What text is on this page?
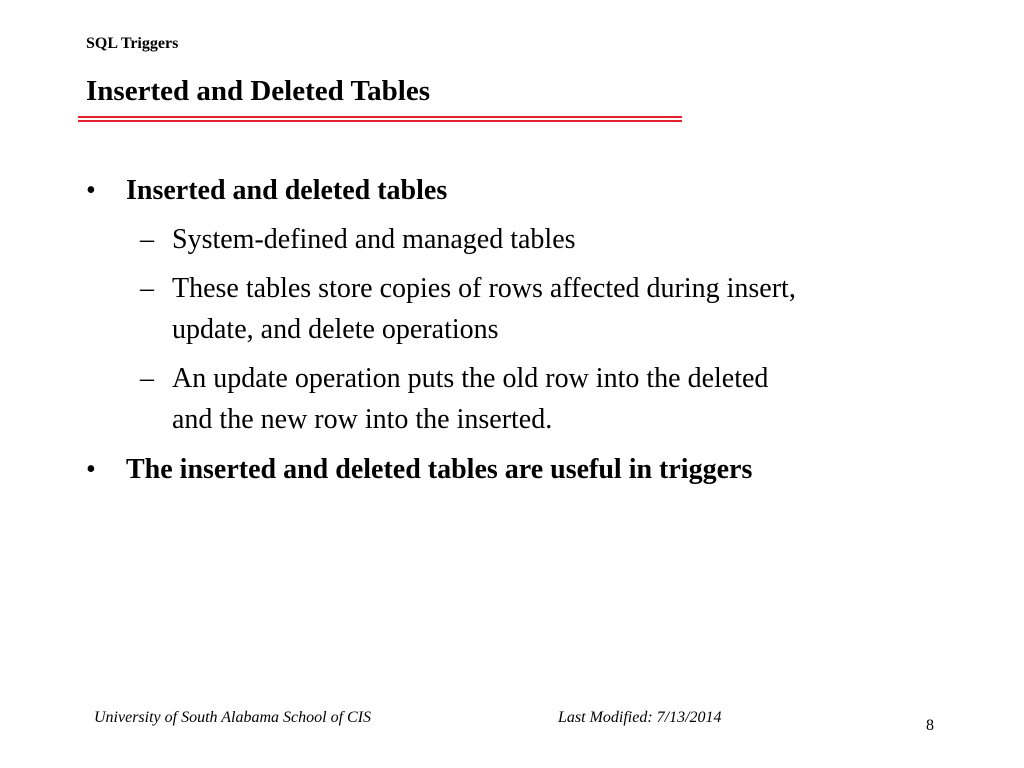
SQL Triggers
Inserted and Deleted Tables
•	Inserted and deleted tables
– System-defined and managed tables
– These tables store copies of rows affected during insert,
update, and delete operations
– An update operation puts the old row into the deleted
and the new row into the inserted.
•	The inserted and deleted tables are useful in triggers
University of South Alabama School of CIS	Last Modified: 7/13/2014	8
